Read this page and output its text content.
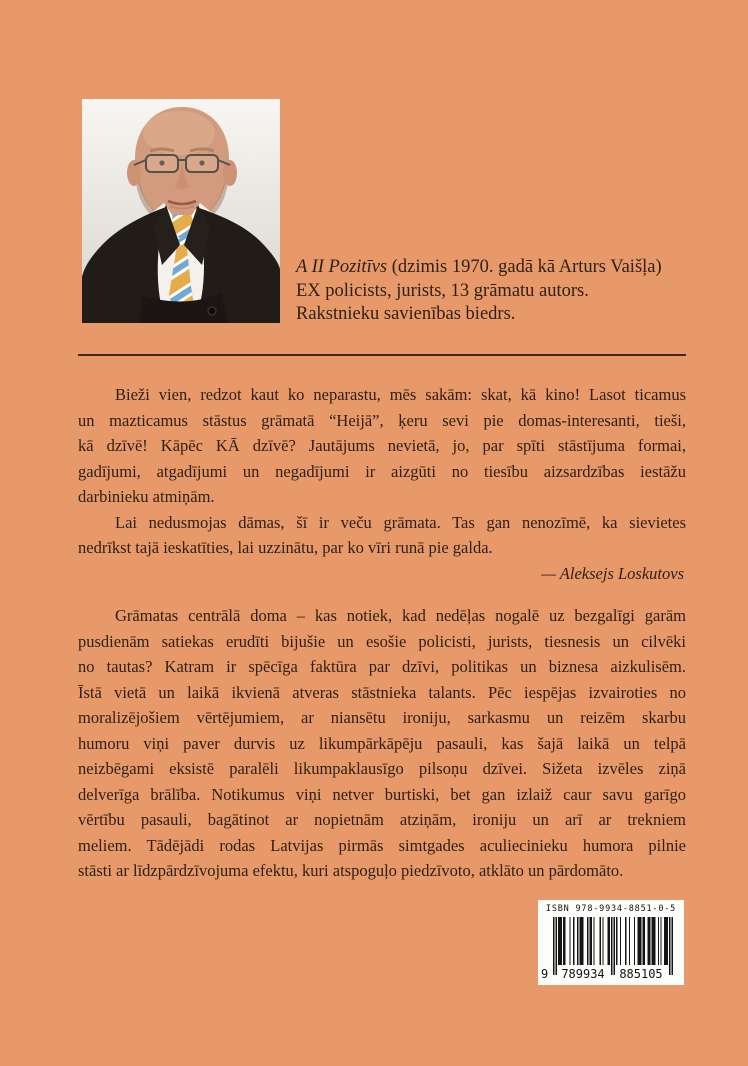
A II Pozitīvs (dzimis 1970. gadā kā Arturs Vaišļa)
EX policists, jurists, 13 grāmatu autors.
Rakstnieku savienības biedrs.
Bieži vien, redzot kaut ko neparastu, mēs sakām: skat, kā kino! Lasot ticamus
un mazticamus stāstus grāmatā “Heijā”, ķeru sevi pie domas-interesanti, tieši,
kā dzīvē! Kāpēc KĀ dzīvē? Jautājums nevietā, jo, par spīti stāstījuma formai,
gadījumi, atgadījumi un negadījumi ir aizgūti no tiesību aizsardzības iestāžu
darbinieku atmiņām.
Lai nedusmojas dāmas, šī ir veču grāmata. Tas gan nenozīmē, ka sievietes
nedrīkst tajā ieskatīties, lai uzzinātu, par ko vīri runā pie galda.
— Aleksejs Loskutovs
Grāmatas centrālā doma – kas notiek, kad nedēļas nogalē uz bezgalīgi garām
pusdienām satiekas erudīti bijušie un esošie policisti, jurists, tiesnesis un cilvēki
no tautas? Katram ir spēcīga faktūra par dzīvi, politikas un biznesa aizkulisēm.
Īstā vietā un laikā ikvienā atveras stāstnieka talants. Pēc iespējas izvairoties no
moralizējošiem vērtējumiem, ar niansētu ironiju, sarkasmu un reizēm skarbu
humoru viņi paver durvis uz likumpārkāpēju pasauli, kas šajā laikā un telpā
neizbēgami eksistē paralēli likumpaklausīgo pilsoņu dzīvei. Sižeta izvēles ziņā
delverīga brālība. Notikumus viņi netver burtiski, bet gan izlaiž caur savu garīgo
vērtību pasauli, bagātinot ar nopietnām atziņām, ironiju un arī ar trekniem
meliem. Tādējādi rodas Latvijas pirmās simtgades aculiecinieku humora pilnie
stāsti ar līdzpārdzīvojuma efektu, kuri atspoguļo piedzīvoto, atklāto un pārdomāto.
ISBN 978-9934-8851-0-5
9 789934 885105
